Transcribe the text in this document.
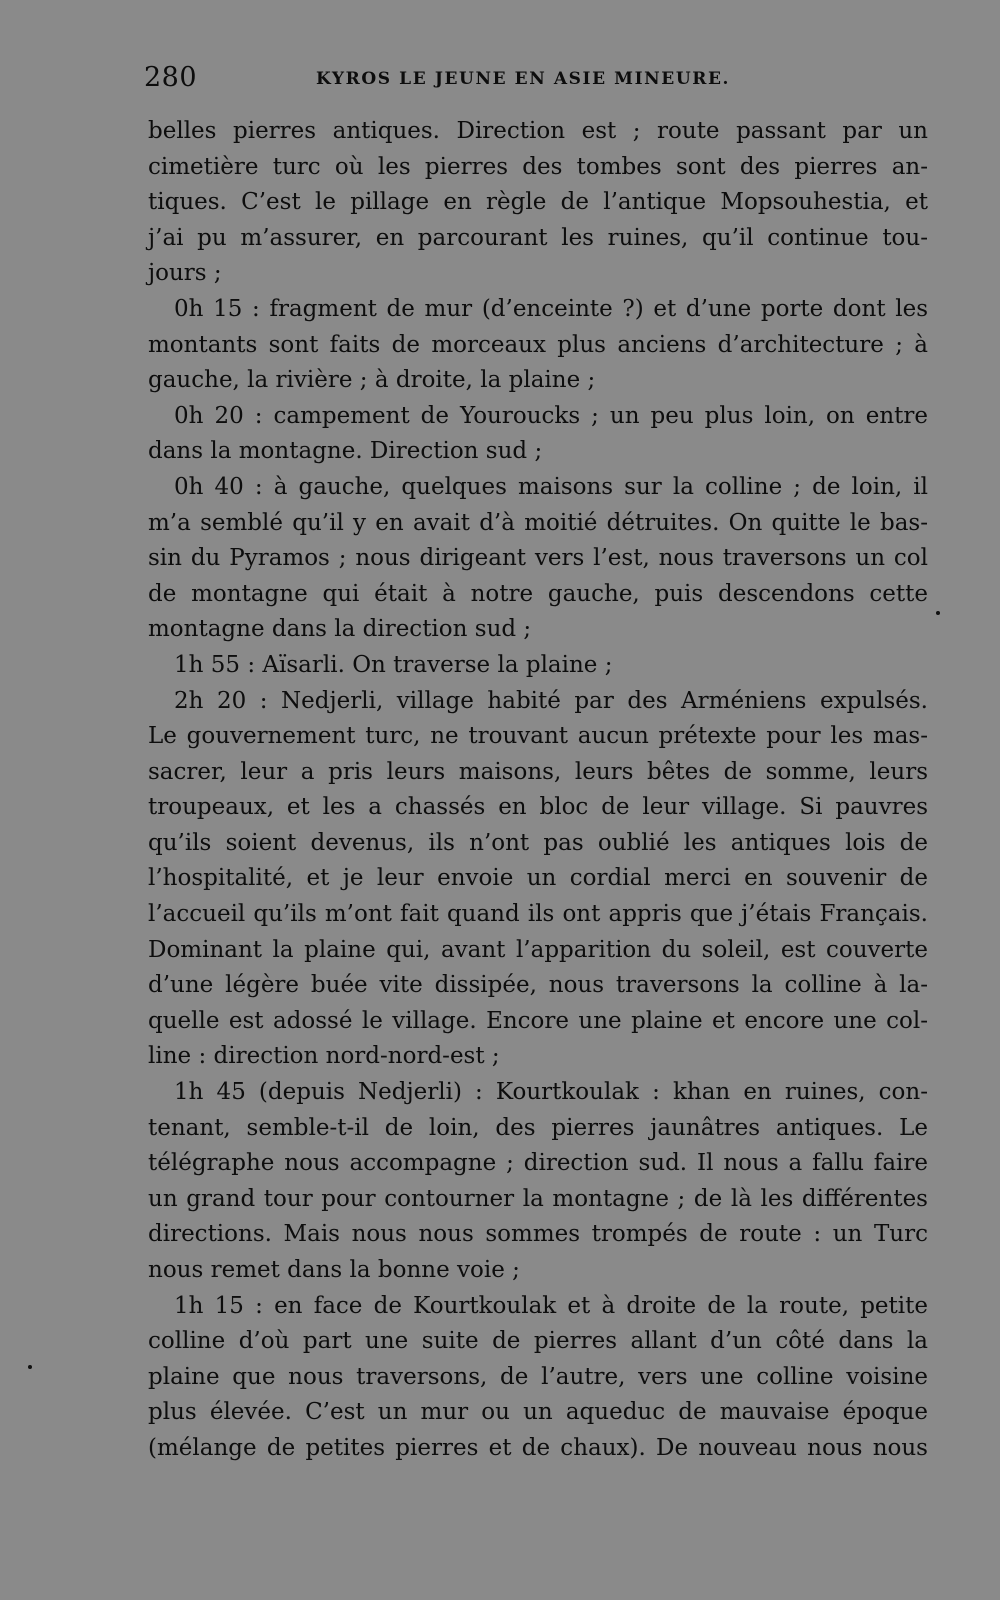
280	KYROS LE JEUNE EN ASIE MINEURE.
belles pierres antiques. Direction est ; route passant par un
cimetière turc où les pierres des tombes sont des pierres an-
tiques. C’est le pillage en règle de l’antique Mopsouhestia, et
j’ai pu m’assurer, en parcourant les ruines, qu’il continue tou-
jours ;
0h 15 : fragment de mur (d’enceinte ?) et d’une porte dont les
montants sont faits de morceaux plus anciens d’architecture ; à
gauche, la rivière ; à droite, la plaine ;
0h 20 : campement de Youroucks ; un peu plus loin, on entre
dans la montagne. Direction sud ;
0h 40 : à gauche, quelques maisons sur la colline ; de loin, il
m’a semblé qu’il y en avait d’à moitié détruites. On quitte le bas-
sin du Pyramos ; nous dirigeant vers l’est, nous traversons un col
de montagne qui était à notre gauche, puis descendons cette
montagne dans la direction sud ;
1h 55 : Aïsarli. On traverse la plaine ;
2h 20 : Nedjerli, village habité par des Arméniens expulsés.
Le gouvernement turc, ne trouvant aucun prétexte pour les mas-
sacrer, leur a pris leurs maisons, leurs bêtes de somme, leurs
troupeaux, et les a chassés en bloc de leur village. Si pauvres
qu’ils soient devenus, ils n’ont pas oublié les antiques lois de
l’hospitalité, et je leur envoie un cordial merci en souvenir de
l’accueil qu’ils m’ont fait quand ils ont appris que j’étais Français.
Dominant la plaine qui, avant l’apparition du soleil, est couverte
d’une légère buée vite dissipée, nous traversons la colline à la-
quelle est adossé le village. Encore une plaine et encore une col-
line : direction nord-nord-est ;
1h 45 (depuis Nedjerli) : Kourtkoulak : khan en ruines, con-
tenant, semble-t-il de loin, des pierres jaunâtres antiques. Le
télégraphe nous accompagne ; direction sud. Il nous a fallu faire
un grand tour pour contourner la montagne ; de là les différentes
directions. Mais nous nous sommes trompés de route : un Turc
nous remet dans la bonne voie ;
1h 15 : en face de Kourtkoulak et à droite de la route, petite
colline d’où part une suite de pierres allant d’un côté dans la
plaine que nous traversons, de l’autre, vers une colline voisine
plus élevée. C’est un mur ou un aqueduc de mauvaise époque
(mélange de petites pierres et de chaux). De nouveau nous nous
